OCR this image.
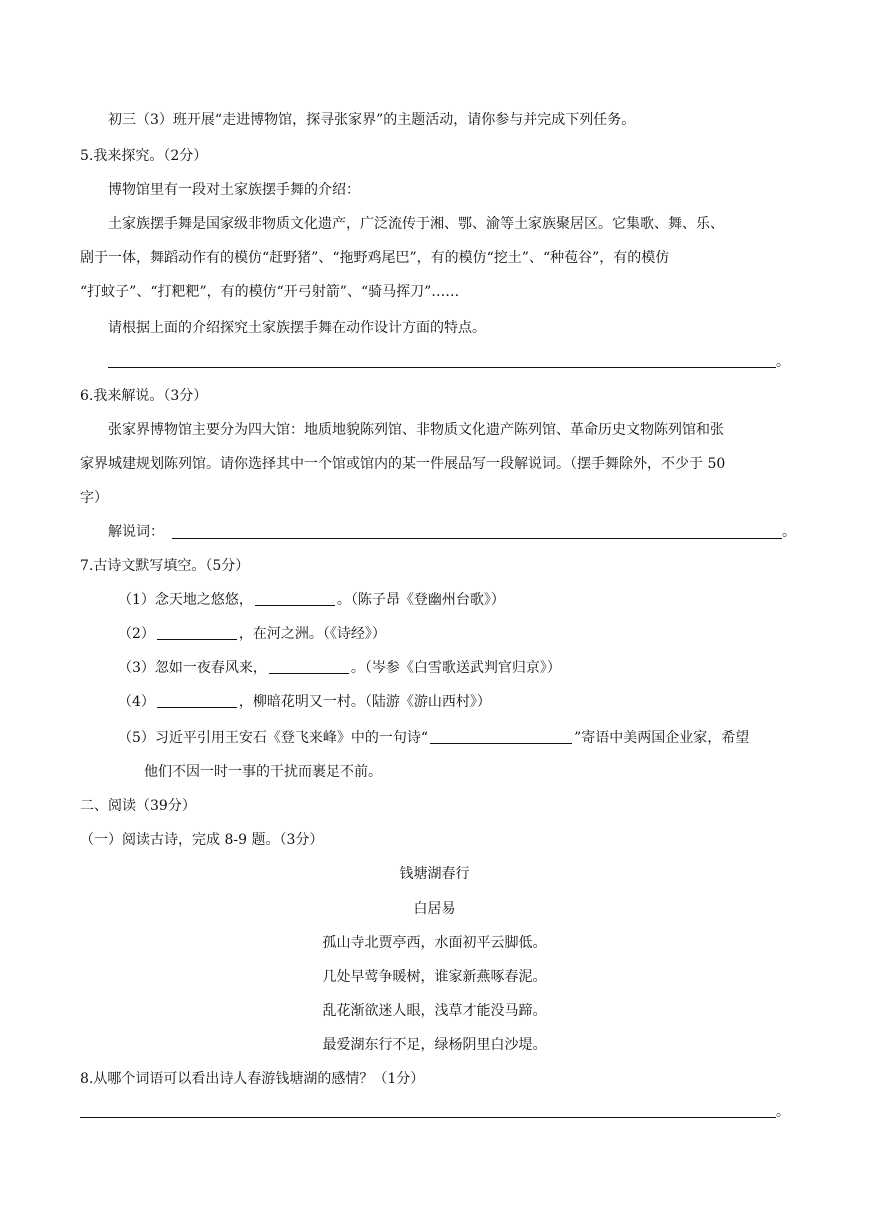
初三（3）班开展“走进博物馆，探寻张家界”的主题活动，请你参与并完成下列任务。
5.我来探究。（2分）
博物馆里有一段对土家族摆手舞的介绍：
土家族摆手舞是国家级非物质文化遗产，广泛流传于湘、鄂、渝等土家族聚居区。它集歌、舞、乐、
剧于一体，舞蹈动作有的模仿“赶野猪”、“拖野鸡尾巴”，有的模仿“挖土”、“种苞谷”，有的模仿
“打蚊子”、“打粑粑”，有的模仿“开弓射箭”、“骑马挥刀”……
请根据上面的介绍探究土家族摆手舞在动作设计方面的特点。
。
6.我来解说。（3分）
张家界博物馆主要分为四大馆：地质地貌陈列馆、非物质文化遗产陈列馆、革命历史文物陈列馆和张
家界城建规划陈列馆。请你选择其中一个馆或馆内的某一件展品写一段解说词。（摆手舞除外，不少于 50
字）
解说词：	。
7.古诗文默写填空。（5分）
（1）念天地之悠悠，	。（陈子昂《登幽州台歌》）
（2）	，在河之洲。（《诗经》）
（3）忽如一夜春风来，	。（岑参《白雪歌送武判官归京》）
（4）	，柳暗花明又一村。（陆游《游山西村》）
（5）习近平引用王安石《登飞来峰》中的一句诗“	”寄语中美两国企业家，希望
他们不因一时一事的干扰而裹足不前。
二、阅读（39分）
（一）阅读古诗，完成 8-9 题。（3分）
钱塘湖春行
白居易
孤山寺北贾亭西，水面初平云脚低。
几处早莺争暖树，谁家新燕啄春泥。
乱花渐欲迷人眼，浅草才能没马蹄。
最爱湖东行不足，绿杨阴里白沙堤。
8.从哪个词语可以看出诗人春游钱塘湖的感情？（1分）
。
